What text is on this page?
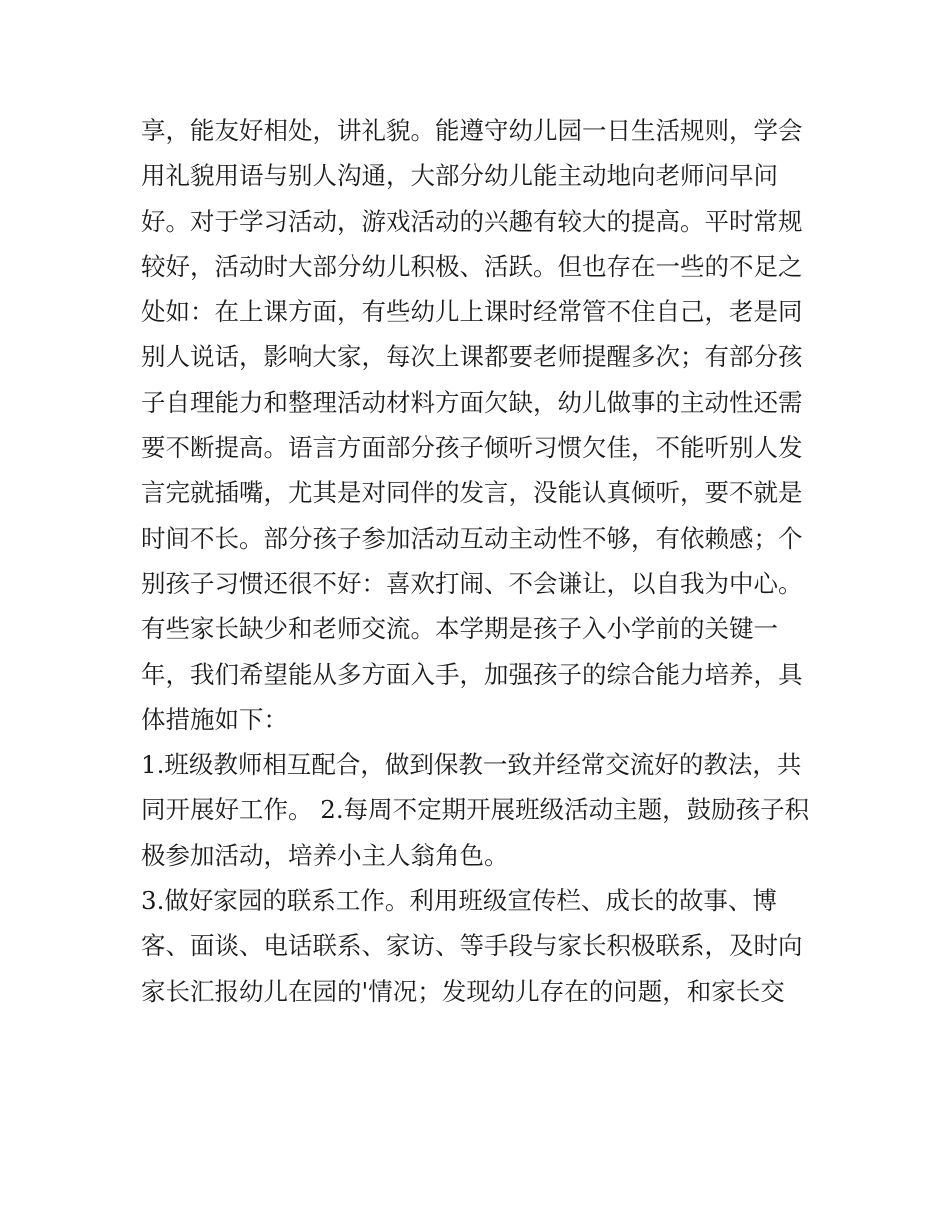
享，能友好相处，讲礼貌。能遵守幼儿园一日生活规则，学会
用礼貌用语与别人沟通，大部分幼儿能主动地向老师问早问
好。对于学习活动，游戏活动的兴趣有较大的提高。平时常规
较好，活动时大部分幼儿积极、活跃。但也存在一些的不足之
处如：在上课方面，有些幼儿上课时经常管不住自己，老是同
别人说话，影响大家，每次上课都要老师提醒多次；有部分孩
子自理能力和整理活动材料方面欠缺，幼儿做事的主动性还需
要不断提高。语言方面部分孩子倾听习惯欠佳，不能听别人发
言完就插嘴，尤其是对同伴的发言，没能认真倾听，要不就是
时间不长。部分孩子参加活动互动主动性不够，有依赖感；个
别孩子习惯还很不好：喜欢打闹、不会谦让，以自我为中心。
有些家长缺少和老师交流。本学期是孩子入小学前的关键一
年，我们希望能从多方面入手，加强孩子的综合能力培养，具
体措施如下：
1.班级教师相互配合，做到保教一致并经常交流好的教法，共
同开展好工作。 2.每周不定期开展班级活动主题，鼓励孩子积
极参加活动，培养小主人翁角色。
3.做好家园的联系工作。利用班级宣传栏、成长的故事、博
客、面谈、电话联系、家访、等手段与家长积极联系，及时向
家长汇报幼儿在园的'情况；发现幼儿存在的问题，和家长交
